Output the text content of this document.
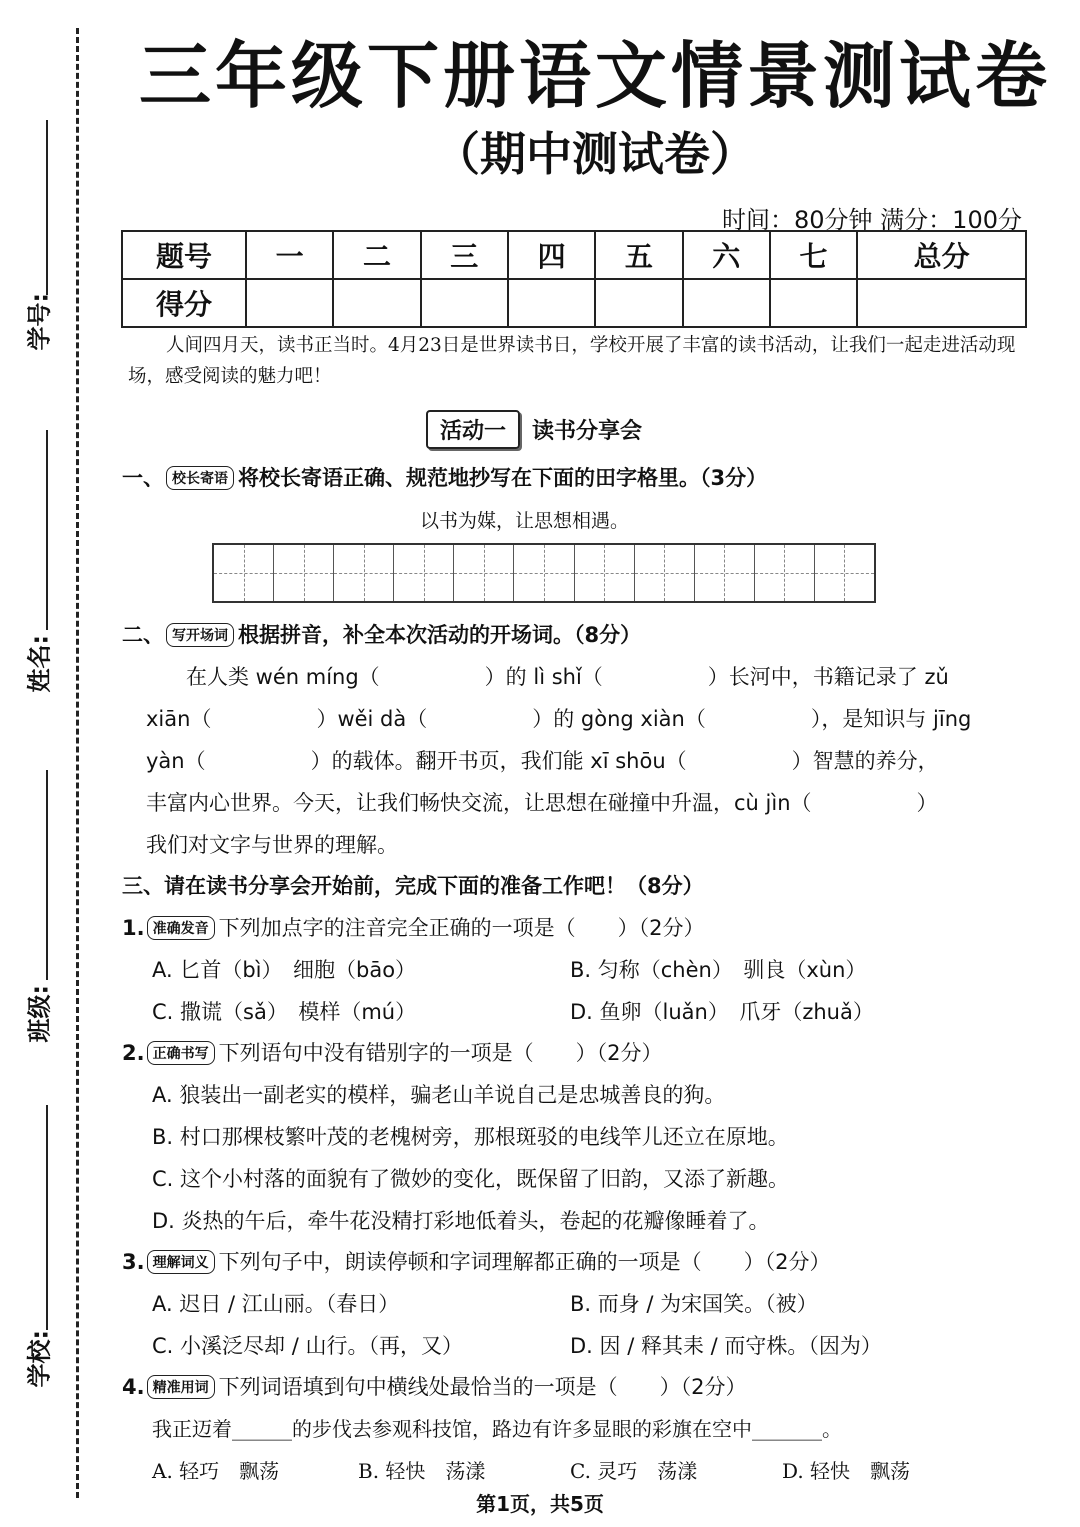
学号:
姓名:
班级:
学校:
三年级下册语文情景测试卷
（期中测试卷）
时间：80分钟 满分：100分
题号	一	二	三	四	五	六	七	总分
得分								
人间四月天，读书正当时。4月23日是世界读书日，学校开展了丰富的读书活动，让我们一起走进活动现场，感受阅读的魅力吧！
活动一 读书分享会
一、 校长寄语 将校长寄语正确、规范地抄写在下面的田字格里。（3分）
以书为媒，让思想相遇。
二、 写开场词 根据拼音，补全本次活动的开场词。（8分）
在人类 wén míng（　　　　　）的 lì shǐ（　　　　　）长河中，书籍记录了 zǔ
xiān（　　　　　）wěi dà（　　　　　）的 gòng xiàn（　　　　　），是知识与 jīng
yàn（　　　　　）的载体。翻开书页，我们能 xī shōu（　　　　　）智慧的养分，
丰富内心世界。今天，让我们畅快交流，让思想在碰撞中升温，cù jìn（　　　　　）
我们对文字与世界的理解。
三、请在读书分享会开始前，完成下面的准备工作吧！（8分）
1. 准确发音 下列加点字的注音完全正确的一项是（　　）（2分）
A. 匕首（bì）　细胞（bāo）	B. 匀称（chèn）　驯良（xùn）
C. 撒谎（sǎ）　模样（mú）	D. 鱼卵（luǎn）　爪牙（zhuǎ）
2. 正确书写 下列语句中没有错别字的一项是（　　）（2分）
A. 狼装出一副老实的模样，骗老山羊说自己是忠城善良的狗。
B. 村口那棵枝繁叶茂的老槐树旁，那根斑驳的电线竿儿还立在原地。
C. 这个小村落的面貌有了微妙的变化，既保留了旧韵，又添了新趣。
D. 炎热的午后，牵牛花没精打彩地低着头，卷起的花瓣像睡着了。
3. 理解词义 下列句子中，朗读停顿和字词理解都正确的一项是（　　）（2分）
A. 迟日 / 江山丽。（春日）	B. 而身 / 为宋国笑。（被）
C. 小溪泛尽却 / 山行。（再，又）	D. 因 / 释其耒 / 而守株。（因为）
4. 精准用词 下列词语填到句中横线处最恰当的一项是（　　）（2分）
我正迈着______的步伐去参观科技馆，路边有许多显眼的彩旗在空中_______。
A. 轻巧　飘荡	B. 轻快　荡漾	C. 灵巧　荡漾	D. 轻快　飘荡
第1页，共5页
